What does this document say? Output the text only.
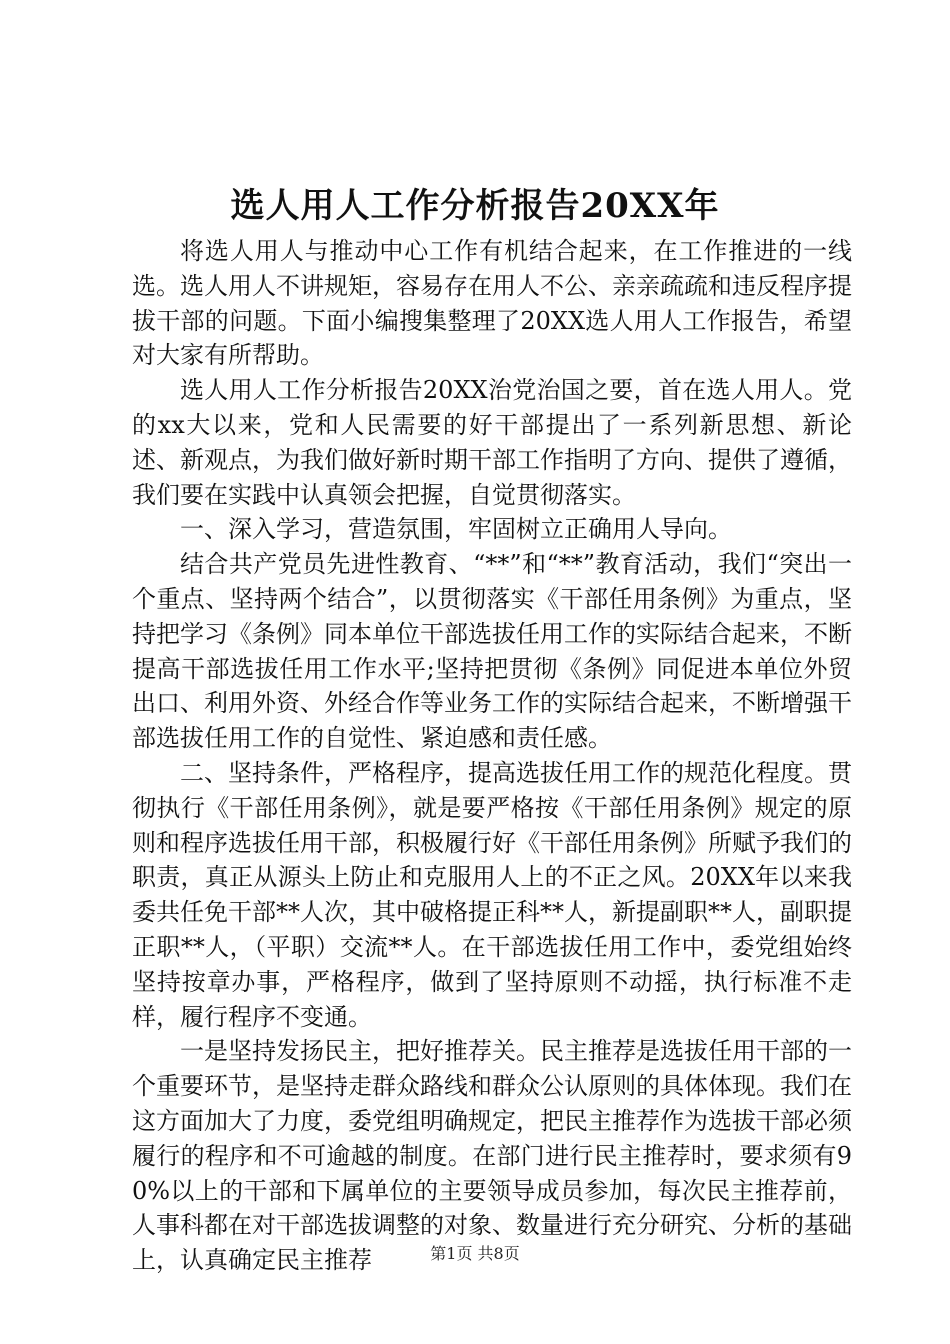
选人用人工作分析报告20XX年

将选人用人与推动中心工作有机结合起来，在工作推进的一线选。选人用人不讲规矩，容易存在用人不公、亲亲疏疏和违反程序提拔干部的问题。下面小编搜集整理了20XX选人用人工作报告，希望对大家有所帮助。

选人用人工作分析报告20XX治党治国之要，首在选人用人。党的xx大以来，党和人民需要的好干部提出了一系列新思想、新论述、新观点，为我们做好新时期干部工作指明了方向、提供了遵循，我们要在实践中认真领会把握，自觉贯彻落实。

一、深入学习，营造氛围，牢固树立正确用人导向。

结合共产党员先进性教育、“**”和“**”教育活动，我们“突出一个重点、坚持两个结合”，以贯彻落实《干部任用条例》为重点，坚持把学习《条例》同本单位干部选拔任用工作的实际结合起来，不断提高干部选拔任用工作水平;坚持把贯彻《条例》同促进本单位外贸出口、利用外资、外经合作等业务工作的实际结合起来，不断增强干部选拔任用工作的自觉性、紧迫感和责任感。

二、坚持条件，严格程序，提高选拔任用工作的规范化程度。贯彻执行《干部任用条例》，就是要严格按《干部任用条例》规定的原则和程序选拔任用干部，积极履行好《干部任用条例》所赋予我们的职责，真正从源头上防止和克服用人上的不正之风。20XX年以来我委共任免干部**人次，其中破格提正科**人，新提副职**人，副职提正职**人，（平职）交流**人。在干部选拔任用工作中，委党组始终坚持按章办事，严格程序，做到了坚持原则不动摇，执行标准不走样，履行程序不变通。

一是坚持发扬民主，把好推荐关。民主推荐是选拔任用干部的一个重要环节，是坚持走群众路线和群众公认原则的具体体现。我们在这方面加大了力度，委党组明确规定，把民主推荐作为选拔干部必须履行的程序和不可逾越的制度。在部门进行民主推荐时，要求须有90%以上的干部和下属单位的主要领导成员参加，每次民主推荐前，人事科都在对干部选拔调整的对象、数量进行充分研究、分析的基础上，认真确定民主推荐	第1页 共8页
